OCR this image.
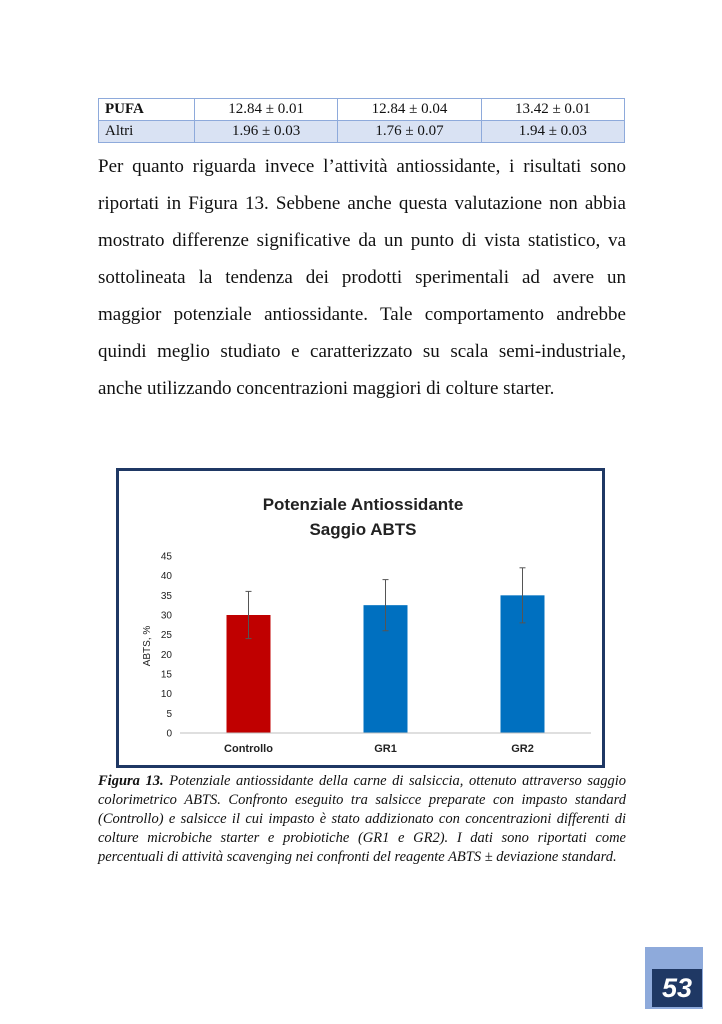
PUFA	12.84 ± 0.01	12.84 ± 0.04	13.42 ± 0.01
Altri	1.96 ± 0.03	1.76 ± 0.07	1.94 ± 0.03

Per quanto riguarda invece l’attività antiossidante, i risultati sono riportati in Figura 13. Sebbene anche questa valutazione non abbia mostrato differenze significative da un punto di vista statistico, va sottolineata la tendenza dei prodotti sperimentali ad avere un maggior potenziale antiossidante. Tale comportamento andrebbe quindi meglio studiato e caratterizzato su scala semi-industriale, anche utilizzando concentrazioni maggiori di colture starter.

Potenziale Antiossidante
Saggio ABTS
ABTS, %
0
5
10
15
20
25
30
35
40
45
Controllo	GR1	GR2

Figura 13. Potenziale antiossidante della carne di salsiccia, ottenuto attraverso saggio colorimetrico ABTS. Confronto eseguito tra salsicce preparate con impasto standard (Controllo) e salsicce il cui impasto è stato addizionato con concentrazioni differenti di colture microbiche starter e probiotiche (GR1 e GR2). I dati sono riportati come percentuali di attività scavenging nei confronti del reagente ABTS ± deviazione standard.

53
